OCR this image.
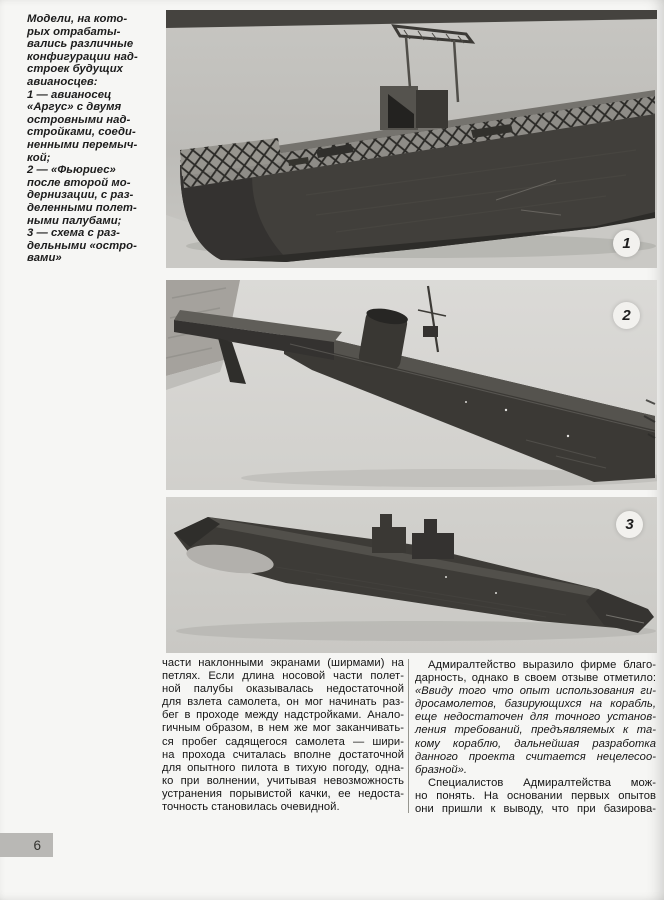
Модели, на кото-
рых отрабаты-
вались различные
конфигурации над-
строек будущих
авианосцев:
1 — авианосец
«Аргус» с двумя
островными над-
стройками, соеди-
ненными перемыч-
кой;
2 — «Фьюриес»
после второй мо-
дернизации, с раз-
деленными полет-
ными палубами;
3 — схема с раз-
дельными «остро-
вами»
1
2
3
части наклонными экранами (ширмами) на
петлях. Если длина носовой части полет-
ной палубы оказывалась недостаточной
для взлета самолета, он мог начинать раз-
бег в проходе между надстройками. Анало-
гичным образом, в нем же мог заканчивать-
ся пробег садящегося самолета — шири-
на прохода считалась вполне достаточной
для опытного пилота в тихую погоду, одна-
ко при волнении, учитывая невозможность
устранения порывистой качки, ее недоста-
точность становилась очевидной.
Адмиралтейство выразило фирме благо-
дарность, однако в своем отзыве отметило:
«Ввиду того что опыт использования ги-
дросамолетов, базирующихся на корабль,
еще недостаточен для точного установ-
ления требований, предъявляемых к та-
кому кораблю, дальнейшая разработка
данного проекта считается нецелесоо-
бразной».
Специалистов Адмиралтейства мож-
но понять. На основании первых опытов
они пришли к выводу, что при базирова-
6
